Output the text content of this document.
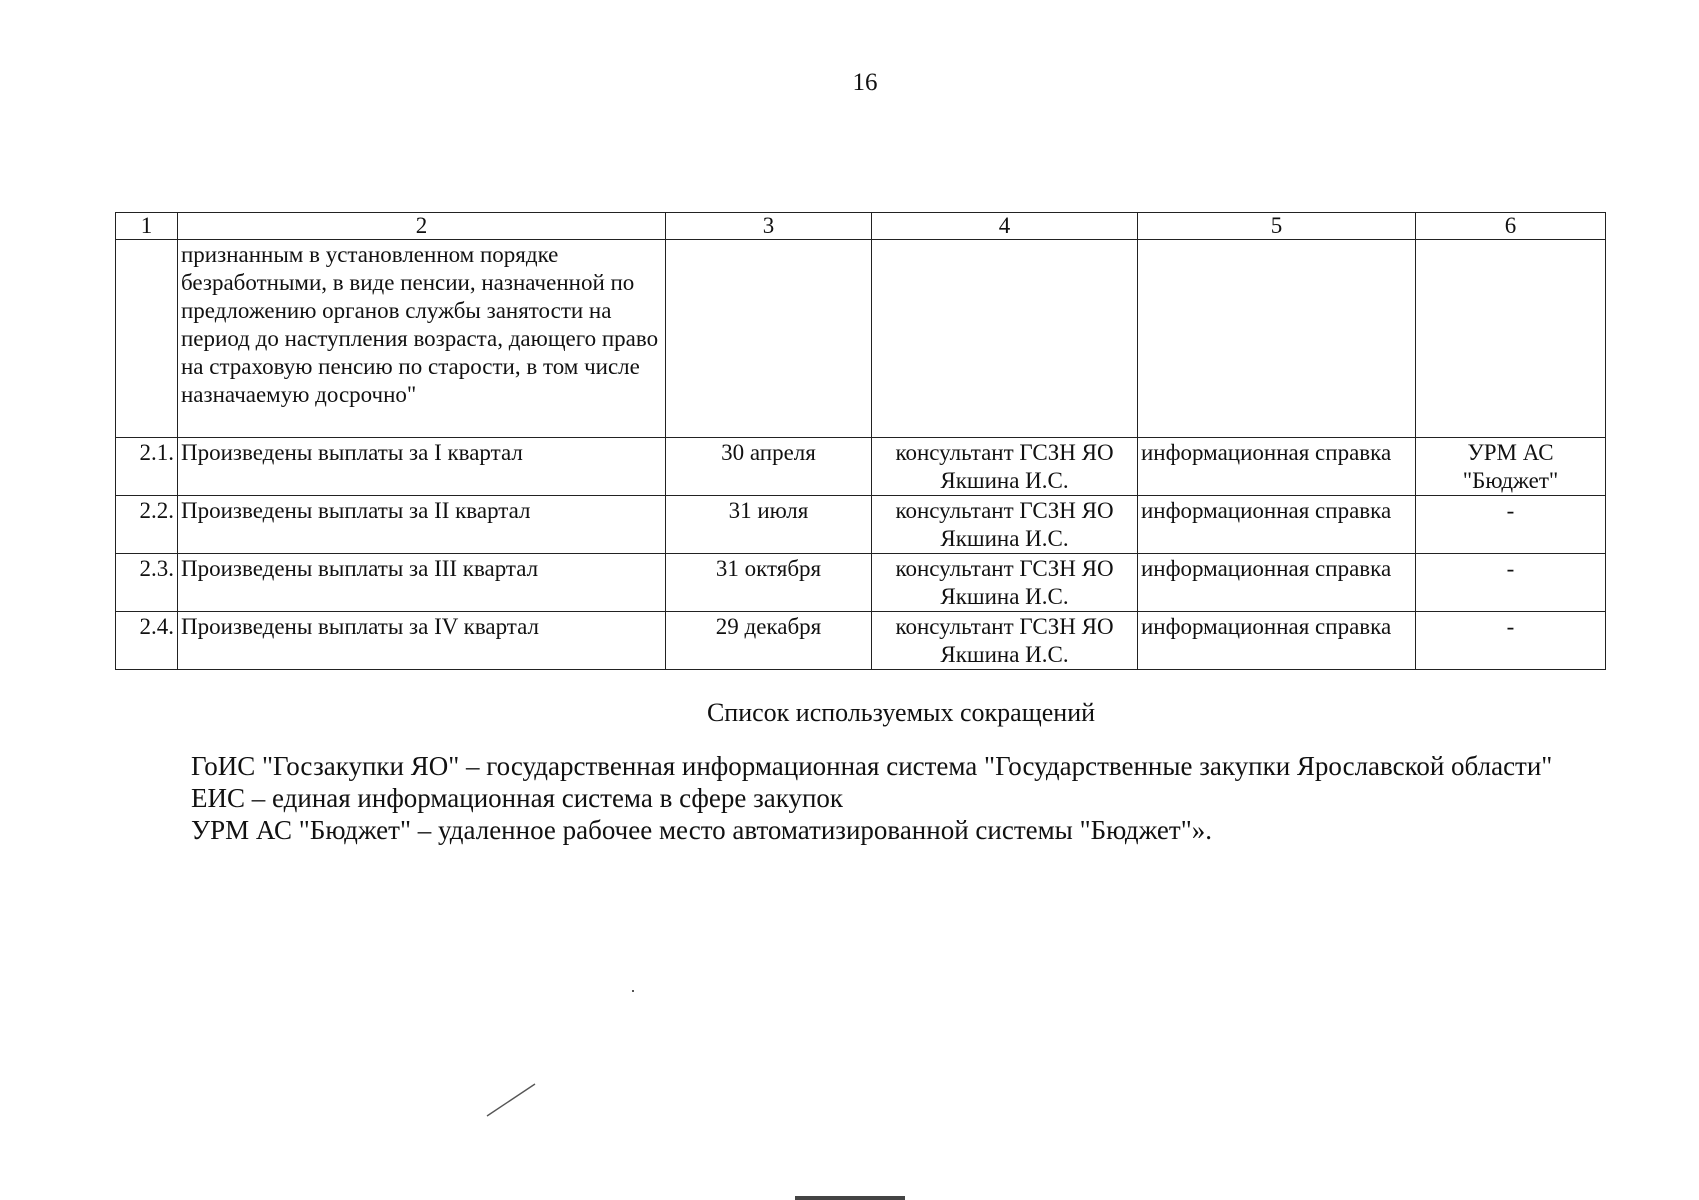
16
1	2	3	4	5	6
	признанным в установленном порядке безработными, в виде пенсии, назначенной по предложению органов службы занятости на период до наступления возраста, дающего право на страховую пенсию по старости, в том числе назначаемую досрочно"				
2.1.	Произведены выплаты за I квартал	30 апреля	консультант ГСЗН ЯО Якшина И.С.	информационная справка	УРМ АС "Бюджет"
2.2.	Произведены выплаты за II квартал	31 июля	консультант ГСЗН ЯО Якшина И.С.	информационная справка	-
2.3.	Произведены выплаты за III квартал	31 октября	консультант ГСЗН ЯО Якшина И.С.	информационная справка	-
2.4.	Произведены выплаты за IV квартал	29 декабря	консультант ГСЗН ЯО Якшина И.С.	информационная справка	-
Список используемых сокращений

ГоИС "Госзакупки ЯО" – государственная информационная система "Государственные закупки Ярославской области"

ЕИС – единая информационная система в сфере закупок

УРМ АС "Бюджет" – удаленное рабочее место автоматизированной системы "Бюджет"».
